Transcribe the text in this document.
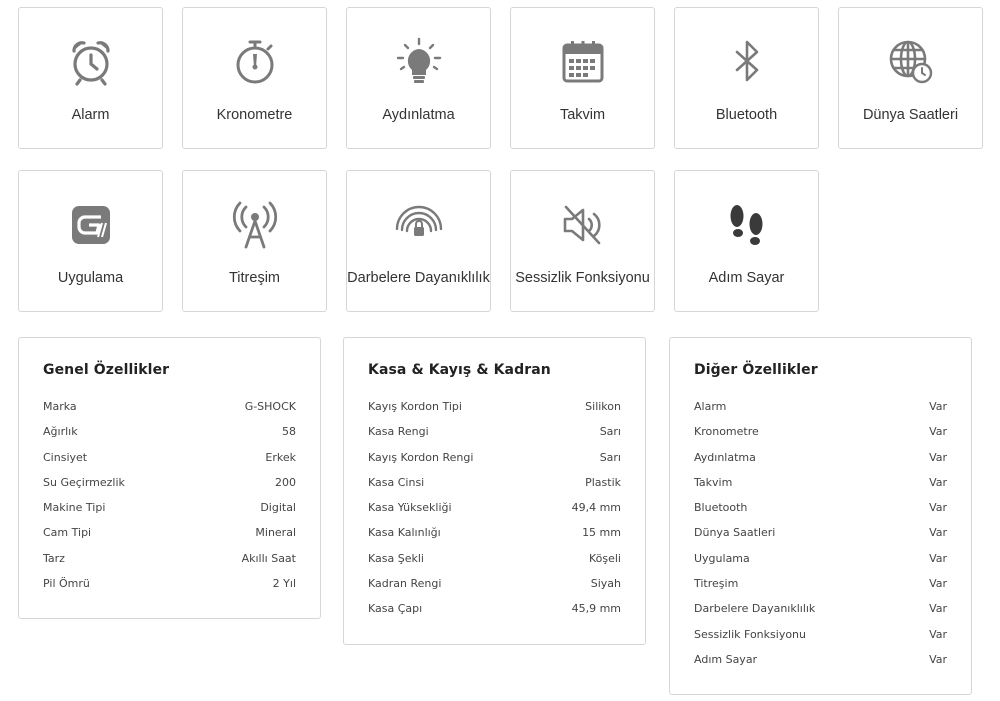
Alarm	Kronometre	Aydınlatma	Takvim	Bluetooth	Dünya Saatleri
Uygulama	Titreşim	Darbelere Dayanıklılık Sessizlik Fonksiyonu	Adım Sayar
Genel Özellikler
Marka	G-SHOCK
Ağırlık	58
Cinsiyet	Erkek
Su Geçirmezlik	200
Makine Tipi	Digital
Cam Tipi	Mineral
Tarz	Akıllı Saat
Pil Ömrü	2 Yıl
Kasa & Kayış & Kadran
Kayış Kordon Tipi	Silikon
Kasa Rengi	Sarı
Kayış Kordon Rengi	Sarı
Kasa Cinsi	Plastik
Kasa Yüksekliği	49,4 mm
Kasa Kalınlığı	15 mm
Kasa Şekli	Köşeli
Kadran Rengi	Siyah
Kasa Çapı	45,9 mm
Diğer Özellikler
Alarm	Var
Kronometre	Var
Aydınlatma	Var
Takvim	Var
Bluetooth	Var
Dünya Saatleri	Var
Uygulama	Var
Titreşim	Var
Darbelere Dayanıklılık	Var
Sessizlik Fonksiyonu	Var
Adım Sayar	Var
